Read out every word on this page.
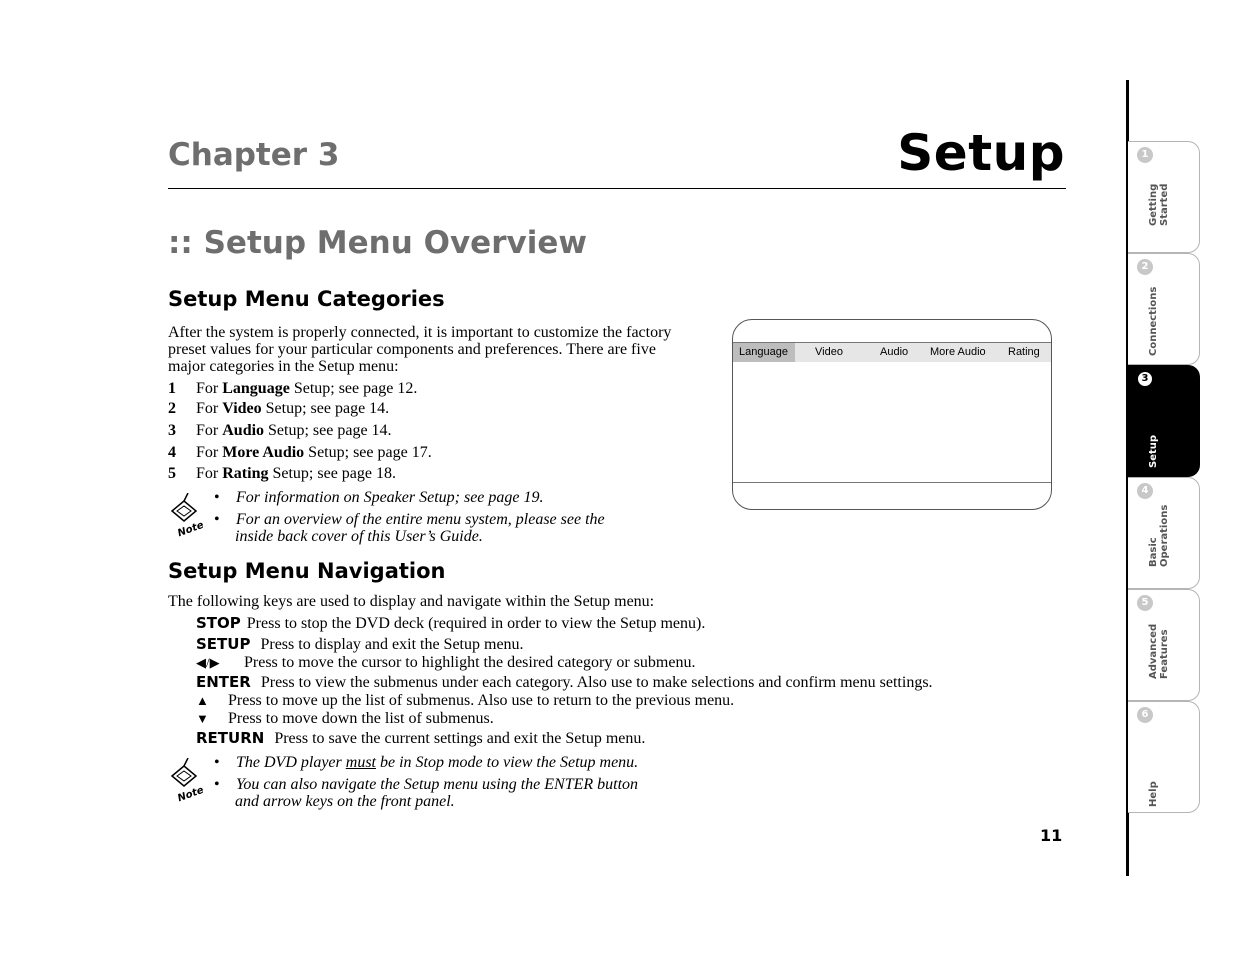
Chapter 3	Setup
:: Setup Menu Overview
Setup Menu Categories
After the system is properly connected, it is important to customize the factory
preset values for your particular components and preferences. There are five
major categories in the Setup menu:
1 For Language Setup; see page 12.
2 For Video Setup; see page 14.
3 For Audio Setup; see page 14.
4 For More Audio Setup; see page 17.
5 For Rating Setup; see page 18.
Note
• For information on Speaker Setup; see page 19.
• For an overview of the entire menu system, please see the
inside back cover of this User’s Guide.
Language Video	Audio More Audio Rating
Setup Menu Navigation
The following keys are used to display and navigate within the Setup menu:
STOP Press to stop the DVD deck (required in order to view the Setup menu).
SETUP Press to display and exit the Setup menu.
◀/▶ Press to move the cursor to highlight the desired category or submenu.
ENTER Press to view the submenus under each category. Also use to make selections and confirm menu settings.
▲ Press to move up the list of submenus. Also use to return to the previous menu.
▼ Press to move down the list of submenus.
RETURN Press to save the current settings and exit the Setup menu.
Note
• The DVD player must be in Stop mode to view the Setup menu.
• You can also navigate the Setup menu using the ENTER button
and arrow keys on the front panel.
11
1
Getting Started
2
Connections
3
Setup
4
Basic Operations
5
Advanced Features
6
Help
